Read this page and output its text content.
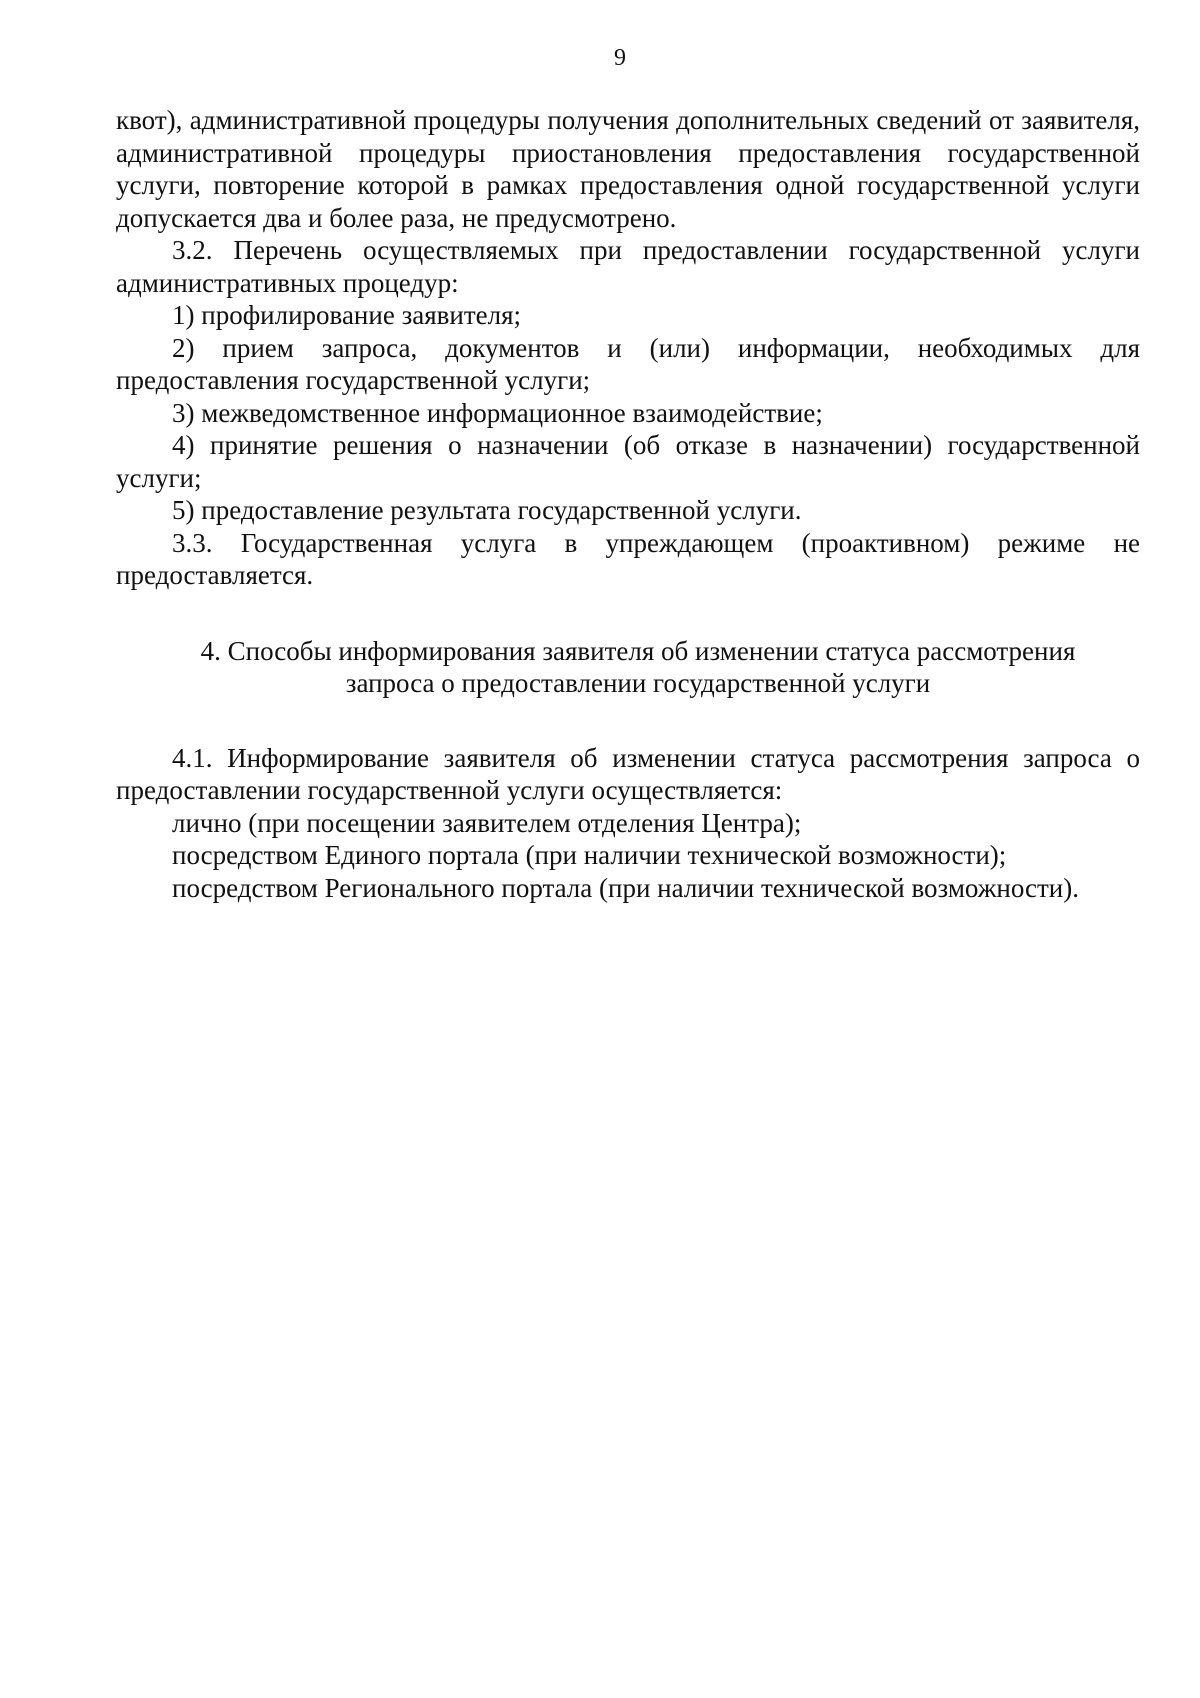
9

квот), административной процедуры получения дополнительных сведений от заявителя, административной процедуры приостановления предоставления государственной услуги, повторение которой в рамках предоставления одной государственной услуги допускается два и более раза, не предусмотрено.

3.2. Перечень осуществляемых при предоставлении государственной услуги административных процедур:

1) профилирование заявителя;

2) прием запроса, документов и (или) информации, необходимых для предоставления государственной услуги;

3) межведомственное информационное взаимодействие;

4) принятие решения о назначении (об отказе в назначении) государственной услуги;

5) предоставление результата государственной услуги.

3.3. Государственная услуга в упреждающем (проактивном) режиме не предоставляется.

4. Способы информирования заявителя об изменении статуса рассмотрения
запроса о предоставлении государственной услуги

4.1. Информирование заявителя об изменении статуса рассмотрения запроса о предоставлении государственной услуги осуществляется:

лично (при посещении заявителем отделения Центра);

посредством Единого портала (при наличии технической возможности);

посредством Регионального портала (при наличии технической возможности).
